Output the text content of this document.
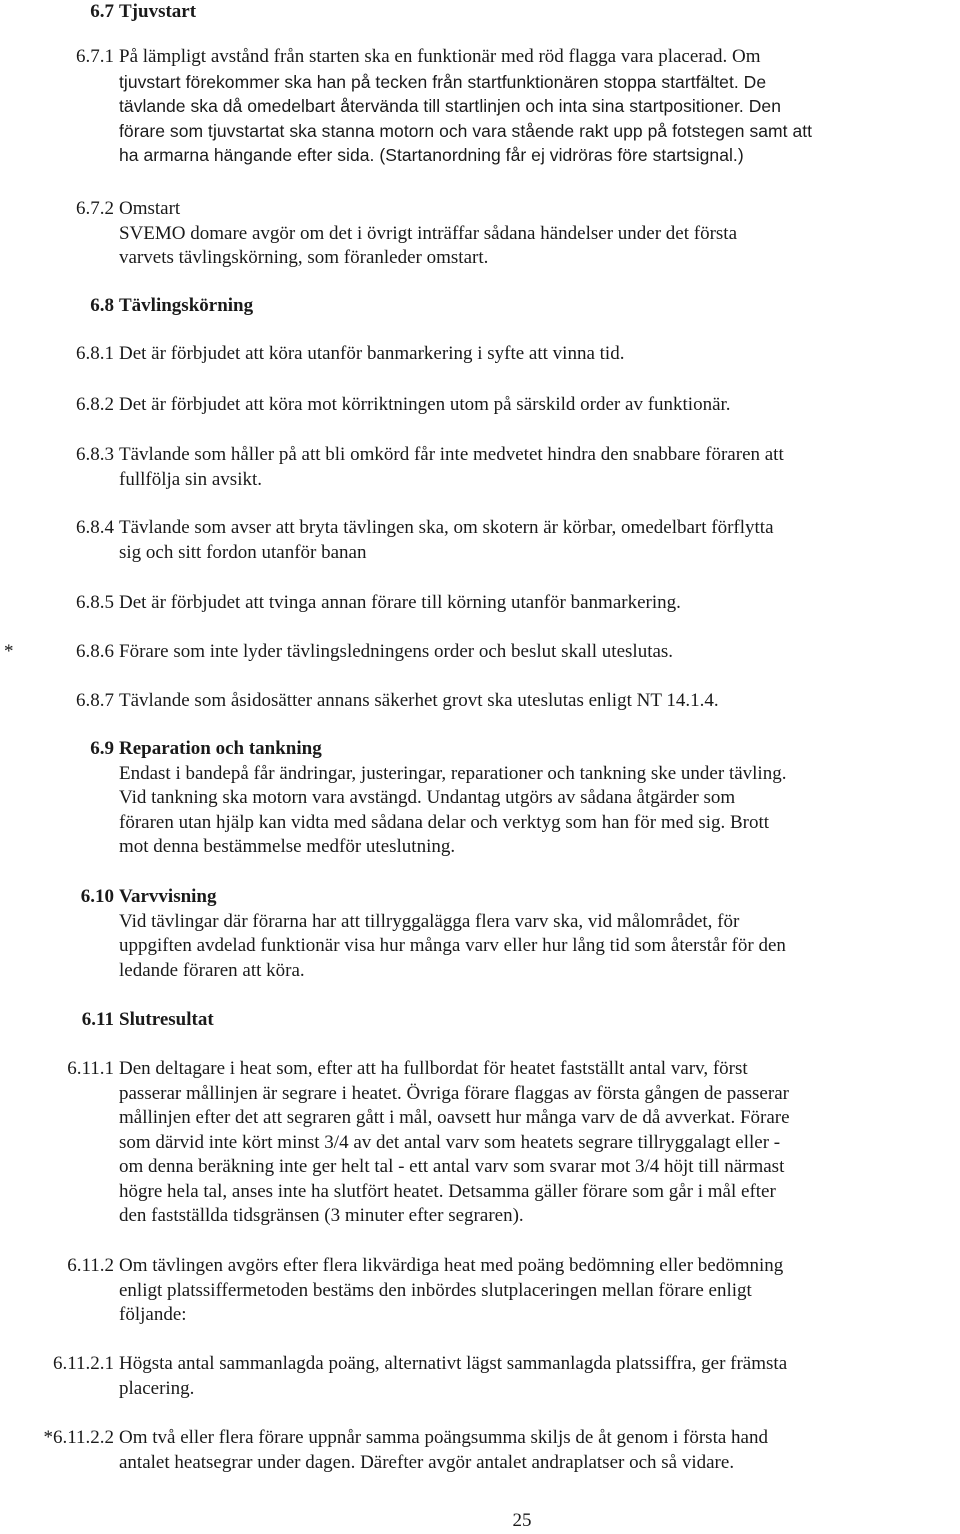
6.7 Tjuvstart

6.7.1 På lämpligt avstånd från starten ska en funktionär med röd flagga vara placerad. Om

tjuvstart förekommer ska han på tecken från startfunktionären stoppa startfältet. De

tävlande ska då omedelbart återvända till startlinjen och inta sina startpositioner. Den

förare som tjuvstartat ska stanna motorn och vara stående rakt upp på fotstegen samt att

ha armarna hängande efter sida. (Startanordning får ej vidröras före startsignal.)

6.7.2 Omstart

SVEMO domare avgör om det i övrigt inträffar sådana händelser under det första

varvets tävlingskörning, som föranleder omstart.

6.8 Tävlingskörning

6.8.1 Det är förbjudet att köra utanför banmarkering i syfte att vinna tid.

6.8.2 Det är förbjudet att köra mot körriktningen utom på särskild order av funktionär.

6.8.3 Tävlande som håller på att bli omkörd får inte medvetet hindra den snabbare föraren att

fullfölja sin avsikt.

6.8.4 Tävlande som avser att bryta tävlingen ska, om skotern är körbar, omedelbart förflytta

sig och sitt fordon utanför banan

6.8.5 Det är förbjudet att tvinga annan förare till körning utanför banmarkering.

*	6.8.6 Förare som inte lyder tävlingsledningens order och beslut skall uteslutas.

6.8.7 Tävlande som åsidosätter annans säkerhet grovt ska uteslutas enligt NT 14.1.4.

6.9 Reparation och tankning

Endast i bandepå får ändringar, justeringar, reparationer och tankning ske under tävling.

Vid tankning ska motorn vara avstängd. Undantag utgörs av sådana åtgärder som

föraren utan hjälp kan vidta med sådana delar och verktyg som han för med sig. Brott

mot denna bestämmelse medför uteslutning.

6.10 Varvvisning

Vid tävlingar där förarna har att tillryggalägga flera varv ska, vid målområdet, för

uppgiften avdelad funktionär visa hur många varv eller hur lång tid som återstår för den

ledande föraren att köra.

6.11 Slutresultat

6.11.1 Den deltagare i heat som, efter att ha fullbordat för heatet fastställt antal varv, först

passerar mållinjen är segrare i heatet. Övriga förare flaggas av första gången de passerar

mållinjen efter det att segraren gått i mål, oavsett hur många varv de då avverkat. Förare

som därvid inte kört minst 3/4 av det antal varv som heatets segrare tillryggalagt eller -

om denna beräkning inte ger helt tal - ett antal varv som svarar mot 3/4 höjt till närmast

högre hela tal, anses inte ha slutfört heatet. Detsamma gäller förare som går i mål efter

den fastställda tidsgränsen (3 minuter efter segraren).

6.11.2 Om tävlingen avgörs efter flera likvärdiga heat med poäng bedömning eller bedömning

enligt platssiffermetoden bestäms den inbördes slutplaceringen mellan förare enligt

följande:

6.11.2.1 Högsta antal sammanlagda poäng, alternativt lägst sammanlagda platssiffra, ger främsta

placering.

*6.11.2.2 Om två eller flera förare uppnår samma poängsumma skiljs de åt genom i första hand

antalet heatsegrar under dagen. Därefter avgör antalet andraplatser och så vidare.

25
